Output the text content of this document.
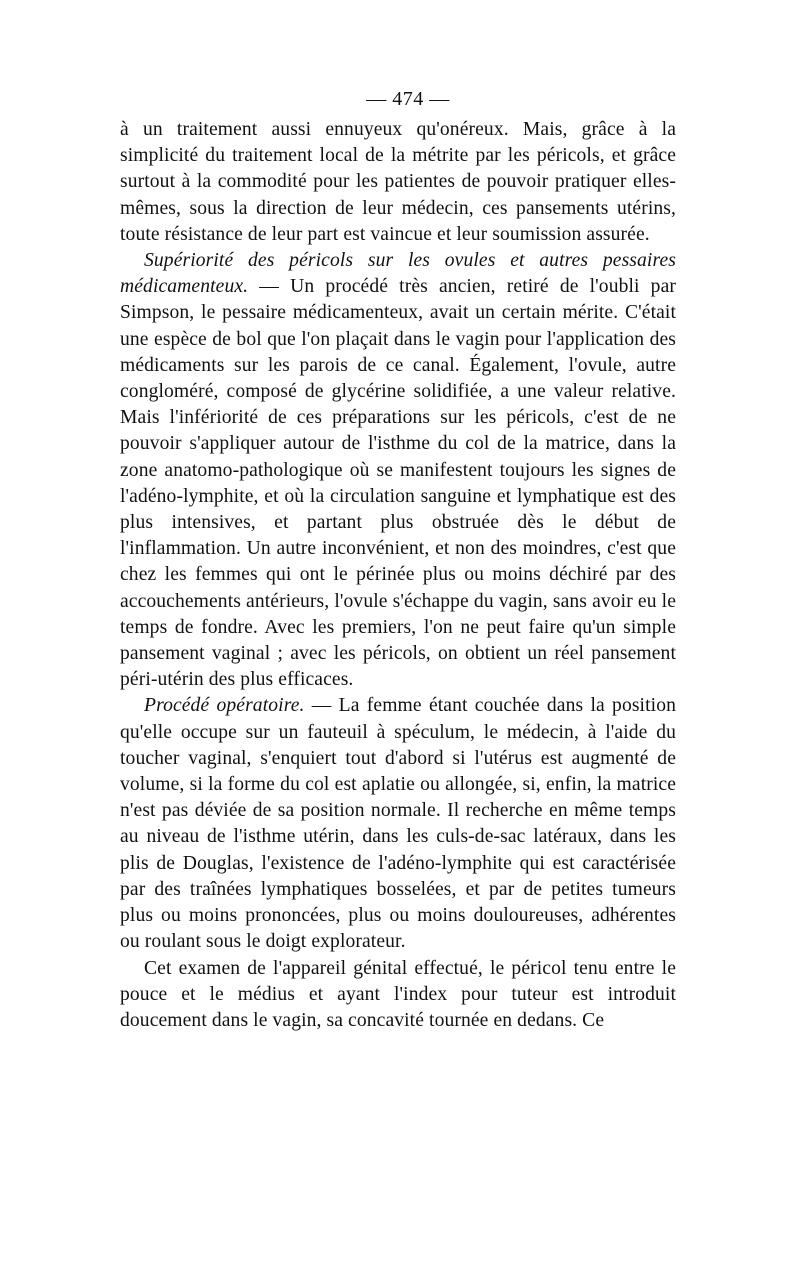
— 474 —

à un traitement aussi ennuyeux qu'onéreux. Mais, grâce à la simplicité du traitement local de la métrite par les péricols, et grâce surtout à la commodité pour les patientes de pouvoir pratiquer elles-mêmes, sous la direction de leur médecin, ces pansements utérins, toute résistance de leur part est vaincue et leur soumission assurée.

Supériorité des péricols sur les ovules et autres pessaires médicamenteux. — Un procédé très ancien, retiré de l'oubli par Simpson, le pessaire médicamenteux, avait un certain mérite. C'était une espèce de bol que l'on plaçait dans le vagin pour l'application des médicaments sur les parois de ce canal. Également, l'ovule, autre congloméré, composé de glycérine solidifiée, a une valeur relative. Mais l'infériorité de ces préparations sur les péricols, c'est de ne pouvoir s'appliquer autour de l'isthme du col de la matrice, dans la zone anatomo-pathologique où se manifestent toujours les signes de l'adéno-lymphite, et où la circulation sanguine et lymphatique est des plus intensives, et partant plus obstruée dès le début de l'inflammation. Un autre inconvénient, et non des moindres, c'est que chez les femmes qui ont le périnée plus ou moins déchiré par des accouchements antérieurs, l'ovule s'échappe du vagin, sans avoir eu le temps de fondre. Avec les premiers, l'on ne peut faire qu'un simple pansement vaginal ; avec les péricols, on obtient un réel pansement péri-utérin des plus efficaces.

Procédé opératoire. — La femme étant couchée dans la position qu'elle occupe sur un fauteuil à spéculum, le médecin, à l'aide du toucher vaginal, s'enquiert tout d'abord si l'utérus est augmenté de volume, si la forme du col est aplatie ou allongée, si, enfin, la matrice n'est pas déviée de sa position normale. Il recherche en même temps au niveau de l'isthme utérin, dans les culs-de-sac latéraux, dans les plis de Douglas, l'existence de l'adéno-lymphite qui est caractérisée par des traînées lymphatiques bosselées, et par de petites tumeurs plus ou moins prononcées, plus ou moins douloureuses, adhérentes ou roulant sous le doigt explorateur.

Cet examen de l'appareil génital effectué, le péricol tenu entre le pouce et le médius et ayant l'index pour tuteur est introduit doucement dans le vagin, sa concavité tournée en dedans. Ce
